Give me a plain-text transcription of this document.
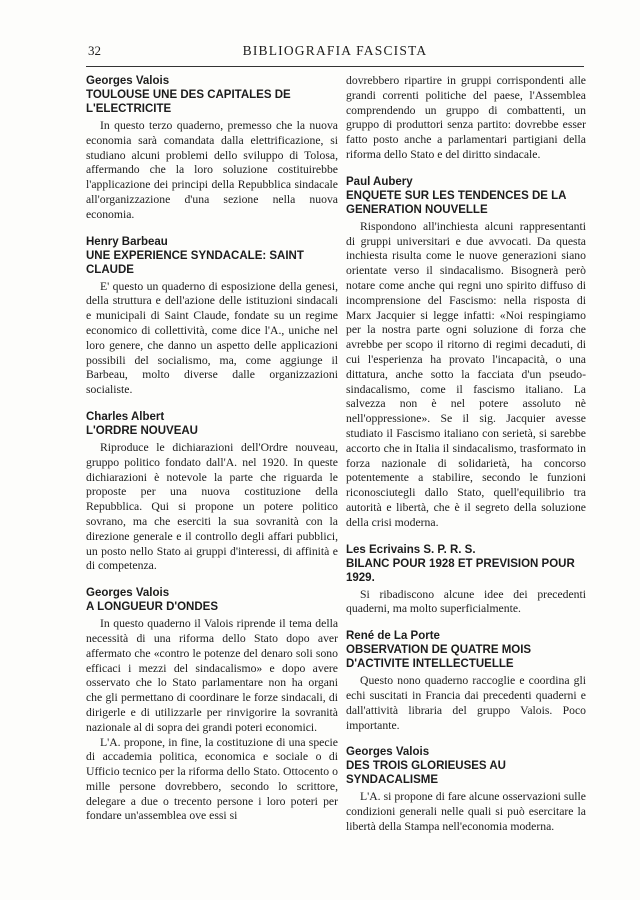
32	BIBLIOGRAFIA FASCISTA
Georges Valois
TOULOUSE UNE DES CAPITALES DE L'ELECTRICITE

In questo terzo quaderno, premesso che la nuova economia sarà comandata dalla elettrificazione, si studiano alcuni problemi dello sviluppo di Tolosa, affermando che la loro soluzione costituirebbe l'applicazione dei principi della Repubblica sindacale all'organizzazione d'una sezione nella nuova economia.

Henry Barbeau
UNE EXPERIENCE SYNDACALE: SAINT CLAUDE

E' questo un quaderno di esposizione della genesi, della struttura e dell'azione delle istituzioni sindacali e municipali di Saint Claude, fondate su un regime economico di collettività, come dice l'A., uniche nel loro genere, che danno un aspetto delle applicazioni possibili del socialismo, ma, come aggiunge il Barbeau, molto diverse dalle organizzazioni socialiste.

Charles Albert
L'ORDRE NOUVEAU

Riproduce le dichiarazioni dell'Ordre nouveau, gruppo politico fondato dall'A. nel 1920. In queste dichiarazioni è notevole la parte che riguarda le proposte per una nuova costituzione della Repubblica. Qui si propone un potere politico sovrano, ma che eserciti la sua sovranità con la direzione generale e il controllo degli affari pubblici, un posto nello Stato ai gruppi d'interessi, di affinità e di competenza.

Georges Valois
A LONGUEUR D'ONDES

In questo quaderno il Valois riprende il tema della necessità di una riforma dello Stato dopo aver affermato che «contro le potenze del denaro soli sono efficaci i mezzi del sindacalismo» e dopo avere osservato che lo Stato parlamentare non ha organi che gli permettano di coordinare le forze sindacali, di dirigerle e di utilizzarle per rinvigorire la sovranità nazionale al di sopra dei grandi poteri economici.

L'A. propone, in fine, la costituzione di una specie di accademia politica, economica e sociale o di Ufficio tecnico per la riforma dello Stato. Ottocento o mille persone dovrebbero, secondo lo scrittore, delegare a due o trecento persone i loro poteri per fondare un'assemblea ove essi si

dovrebbero ripartire in gruppi corrispondenti alle grandi correnti politiche del paese, l'Assemblea comprendendo un gruppo di combattenti, un gruppo di produttori senza partito: dovrebbe esser fatto posto anche a parlamentari partigiani della riforma dello Stato e del diritto sindacale.

Paul Aubery
ENQUETE SUR LES TENDENCES DE LA GENERATION NOUVELLE

Rispondono all'inchiesta alcuni rappresentanti di gruppi universitari e due avvocati. Da questa inchiesta risulta come le nuove generazioni siano orientate verso il sindacalismo. Bisognerà però notare come anche qui regni uno spirito diffuso di incomprensione del Fascismo: nella risposta di Marx Jacquier si legge infatti: «Noi respingiamo per la nostra parte ogni soluzione di forza che avrebbe per scopo il ritorno di regimi decaduti, di cui l'esperienza ha provato l'incapacità, o una dittatura, anche sotto la facciata d'un pseudo-sindacalismo, come il fascismo italiano. La salvezza non è nel potere assoluto nè nell'oppressione». Se il sig. Jacquier avesse studiato il Fascismo italiano con serietà, si sarebbe accorto che in Italia il sindacalismo, trasformato in forza nazionale di solidarietà, ha concorso potentemente a stabilire, secondo le funzioni riconosciutegli dallo Stato, quell'equilibrio tra autorità e libertà, che è il segreto della soluzione della crisi moderna.

Les Ecrivains S. P. R. S.
BILANC POUR 1928 ET PREVISION POUR 1929.

Si ribadiscono alcune idee dei precedenti quaderni, ma molto superficialmente.

René de La Porte
OBSERVATION DE QUATRE MOIS D'ACTIVITE INTELLECTUELLE

Questo nono quaderno raccoglie e coordina gli echi suscitati in Francia dai precedenti quaderni e dall'attività libraria del gruppo Valois. Poco importante.

Georges Valois
DES TROIS GLORIEUSES AU SYNDACALISME

L'A. si propone di fare alcune osservazioni sulle condizioni generali nelle quali si può esercitare la libertà della Stampa nell'economia moderna.
